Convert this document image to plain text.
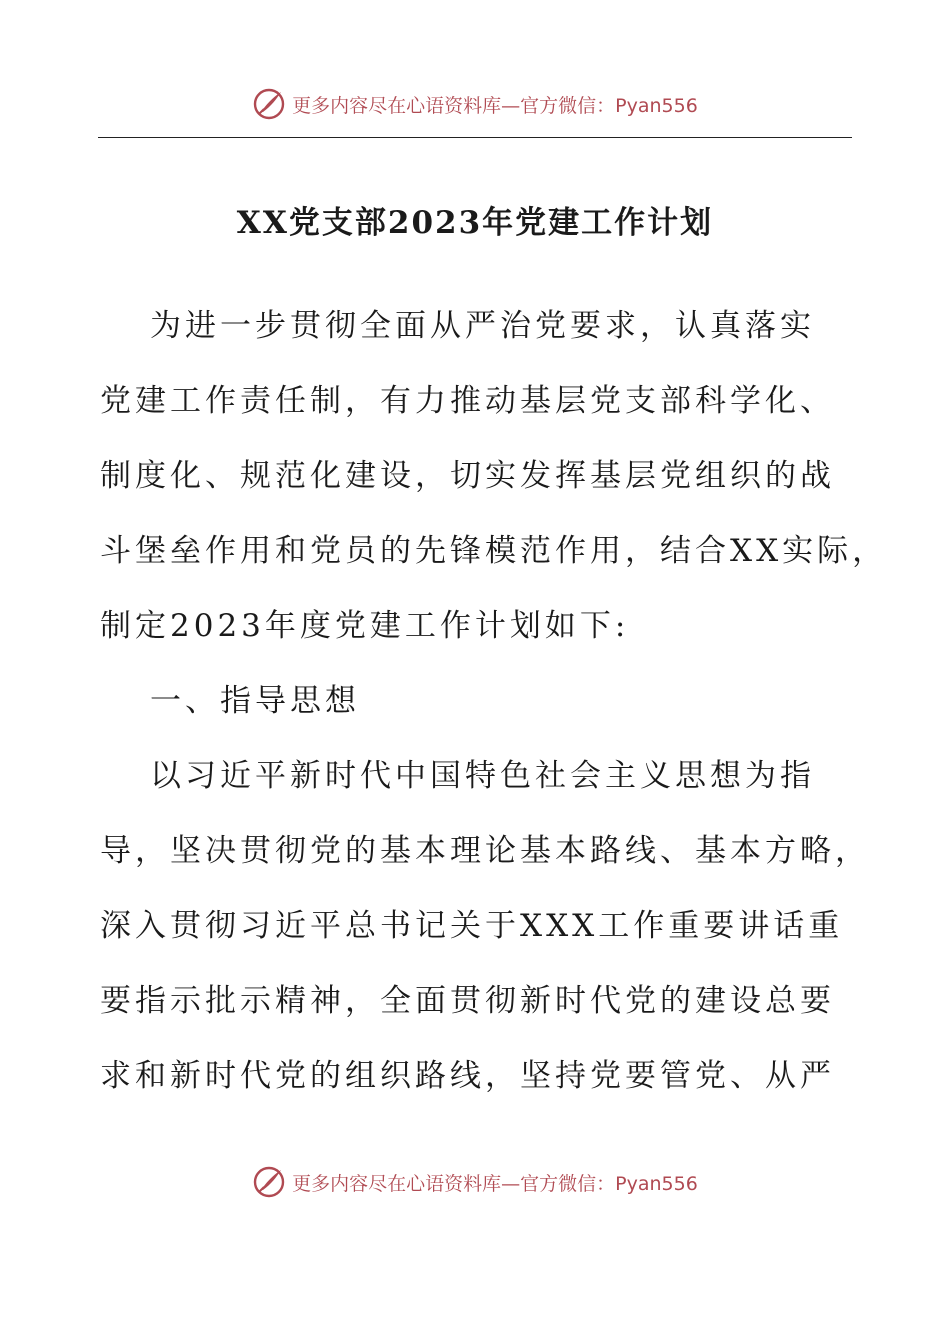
更多内容尽在心语资料库—官方微信：Pyan556
XX党支部2023年党建工作计划
为进一步贯彻全面从严治党要求，认真落实
党建工作责任制，有力推动基层党支部科学化、
制度化、规范化建设，切实发挥基层党组织的战
斗堡垒作用和党员的先锋模范作用，结合XX实际，
制定2023年度党建工作计划如下:
一、指导思想
以习近平新时代中国特色社会主义思想为指
导，坚决贯彻党的基本理论基本路线、基本方略，
深入贯彻习近平总书记关于XXX工作重要讲话重
要指示批示精神，全面贯彻新时代党的建设总要
求和新时代党的组织路线，坚持党要管党、从严
更多内容尽在心语资料库—官方微信：Pyan556
